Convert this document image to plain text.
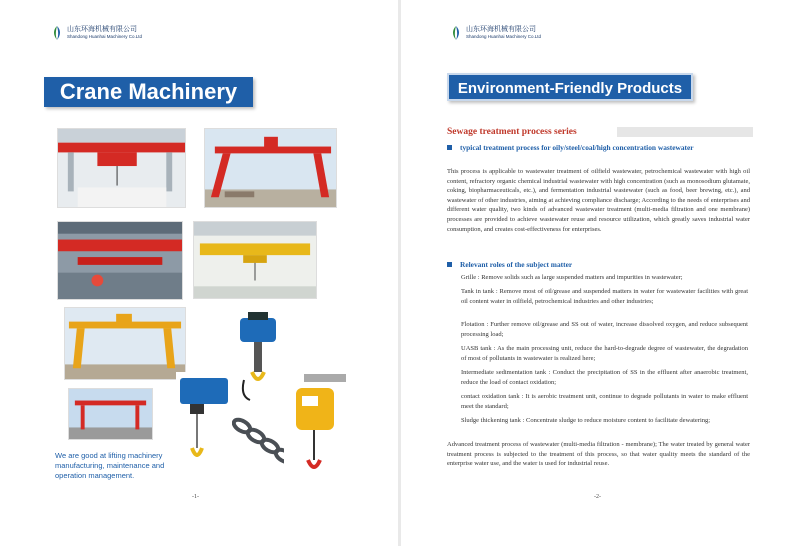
山东环海机械有限公司
Shandong Huanhai Machinery Co.Ltd
Crane Machinery
We are good at lifting machinery manufacturing, maintenance and operation management.
-1-
山东环海机械有限公司
Shandong Huanhai Machinery Co.Ltd
-2-
Environment-Friendly Products
Sewage treatment process series
typical treatment process for oily/steel/coal/high concentration wastewater
This process is applicable to wastewater treatment of oilfield wastewater, petrochemical wastewater with high oil content, refractory organic chemical industrial wastewater with high concentration (such as monosodium glutamate, coking, biopharmaceuticals, etc.), and fermentation industrial wastewater (such as food, beer brewing, etc.), and wastewater of other industries, aiming at achieving compliance discharge; According to the needs of enterprises and different water quality, two kinds of advanced wastewater treatment (multi-media filtration and one membrane) processes are provided to achieve wastewater reuse and resource utilization, which greatly saves industrial water consumption, and creates cost-effectiveness for enterprises.
Relevant roles of the subject matter
Grille : Remove solids such as large suspended matters and impurities in wastewater;
Tank in tank : Remove most of oil/grease and suspended matters in water for wastewater facilities with great oil content water in oilfield, petrochemical industries and other industries;
Flotation : Further remove oil/grease and SS out of water, increase dissolved oxygen, and reduce subsequent processing load;
UASB tank : As the main processing unit, reduce the hard-to-degrade degree of wastewater, the degradation of most of pollutants in wastewater is realized here;
Intermediate sedimentation tank : Conduct the precipitation of SS in the effluent after anaerobic treatment, reduce the load of contact oxidation;
contact oxidation tank : It is aerobic treatment unit, continue to degrade pollutants in water to make effluent meet the standard;
Sludge thickening tank : Concentrate sludge to reduce moisture content to facilitate dewatering;
Advanced treatment process of wastewater (multi-media filtration - membrane); The water treated by general water treatment process is subjected to the treatment of this process, so that water quality meets the standard of the enterprise water use, and the water is used for industrial reuse.
